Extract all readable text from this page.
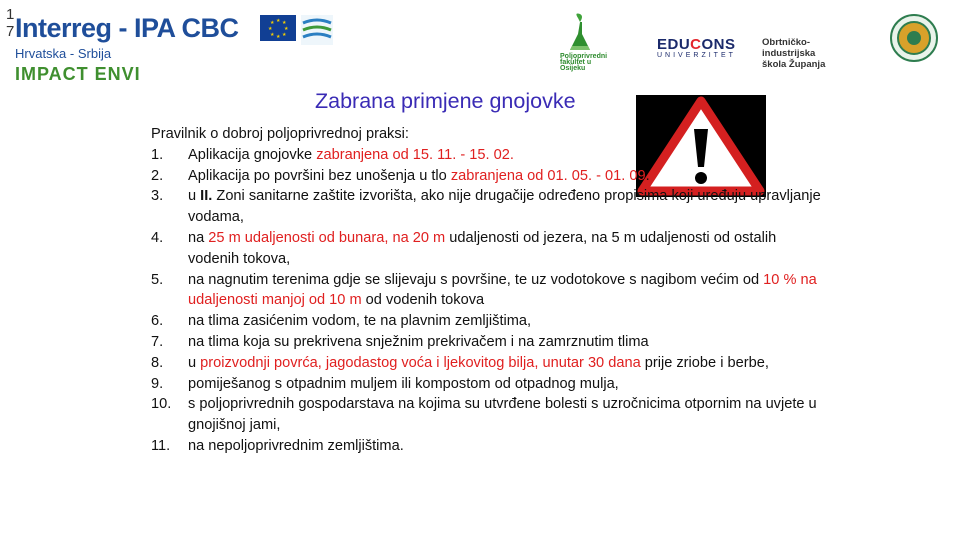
17 Interreg - IPA CBC
Hrvatska - Srbija
IMPACT ENVI
★ ★
★
★
★
★
★
★
Poljoprivredni
fakultet u
Osijeku
EDUCONS
UNIVERZITET
Obrtničko-industrijska
škola Županja

Zabrana primjene gnojovke
Pravilnik o dobroj poljoprivrednoj praksi:
1.	Aplikacija gnojovke zabranjena od 15. 11. - 15. 02.
2.	Aplikacija po površini bez unošenja u tlo zabranjena od 01. 05. - 01. 09.
3.	u II. Zoni sanitarne zaštite izvorišta, ako nije drugačije određeno propisima koji uređuju upravljanje vodama,
4.	na 25 m udaljenosti od bunara, na 20 m udaljenosti od jezera, na 5 m udaljenosti od ostalih vodenih tokova,
5.	na nagnutim terenima gdje se slijevaju s površine, te uz vodotokove s nagibom većim od 10 % na udaljenosti manjoj od 10 m od vodenih tokova
6.	na tlima zasićenim vodom, te na plavnim zemljištima,
7.	na tlima koja su prekrivena snježnim prekrivačem i na zamrznutim tlima
8.	u proizvodnji povrća, jagodastog voća i ljekovitog bilja, unutar 30 dana prije zriobe i berbe,
9.	pomiješanog s otpadnim muljem ili kompostom od otpadnog mulja,
10.	s poljoprivrednih gospodarstava na kojima su utvrđene bolesti s uzročnicima otpornim na uvjete u gnojišnoj jami,
11.	na nepoljoprivrednim zemljištima.
